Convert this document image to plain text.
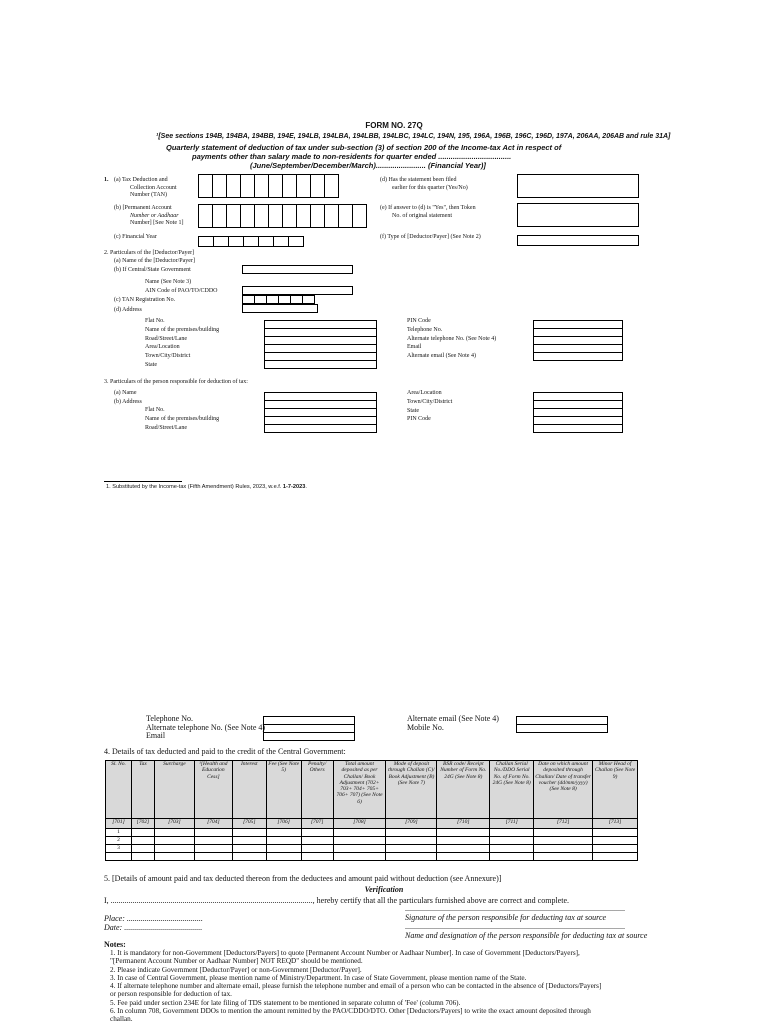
FORM NO. 27Q
¹[See sections 194B, 194BA, 194BB, 194E, 194LB, 194LBA, 194LBB, 194LBC, 194LC, 194N, 195, 196A, 196B, 196C, 196D, 197A, 206AA, 206AB and rule 31A]
Quarterly statement of deduction of tax under sub-section (3) of section 200 of the Income-tax Act in respect of
payments other than salary made to non-residents for quarter ended ...................................
(June/September/December/March)........................ (Financial Year)]
1. (a) Tax Deduction and
Collection Account
Number (TAN)
(b) [Permanent Account
Number or Aadhaar
Number] [See Note 1]
(c) Financial Year
(d) Has the statement been filed
earlier for this quarter (Yes/No)
(e) If answer to (d) is "Yes", then Token
No. of original statement
(f) Type of [Deductor/Payer] (See Note 2)
2. Particulars of the [Deductor/Payer]
(a) Name of the [Deductor/Payer]
(b) If Central/State Government
Name (See Note 3)
AIN Code of PAO/TO/CDDO
(c) TAN Registration No.
(d) Address
Flat No.
Name of the premises/building
Road/Street/Lane
Area/Location
Town/City/District
State
PIN Code
Telephone No.
Alternate telephone No. (See Note 4)
Email
Alternate email (See Note 4)
3. Particulars of the person responsible for deduction of tax:
(a) Name
(b) Address
Flat No.
Name of the premises/building
Road/Street/Lane
Area/Location
Town/City/District
State
PIN Code
1. Substituted by the Income-tax (Fifth Amendment) Rules, 2023, w.e.f. 1-7-2023.
Telephone No.
Alternate telephone No. (See Note 4)
Email
Alternate email (See Note 4)
Mobile No.
4. Details of tax deducted and paid to the credit of the Central Government:
Sl. No.	Tax	Surcharge	¹[Health and Education Cess]	Interest	Fee (See Note 5)	Penalty/ Others	Total amount deposited as per Challan/ Book Adjustment (702+ 703+ 704+ 705+ 706+ 707) (See Note 6)	Mode of deposit through Challan (C)/ Book Adjustment (B) (See Note 7)	BSR code/ Receipt Number of Form No. 24G (See Note 8)	Challan Serial No./DDO Serial No. of Form No. 24G (See Note 8)	Date on which amount deposited through Challan/ Date of transfer voucher (dd/mm/yyyy) (See Note 8)	Minor Head of Challan (See Note 9)
[701]	[702]	[703]	[704]	[705]	[706]	[707]	[708]	[709]	[710]	[711]	[712]	[713]
1												
2												
3												

5. [Details of amount paid and tax deducted thereon from the deductees and amount paid without deduction (see Annexure)]
Verification
I, ....................................................................................................., hereby certify that all the particulars furnished above are correct and complete.
Place: ......................................
Date: .......................................
..............................................................................................................
Signature of the person responsible for deducting tax at source
..............................................................................................................
Name and designation of the person responsible for deducting tax at source
Notes:
1. It is mandatory for non-Government [Deductors/Payers] to quote [Permanent Account Number or Aadhaar Number]. In case of Government [Deductors/Payers],
"[Permanent Account Number or Aadhaar Number] NOT REQD" should be mentioned.
2. Please indicate Government [Deductor/Payer] or non-Government [Deductor/Payer].
3. In case of Central Government, please mention name of Ministry/Department. In case of State Government, please mention name of the State.
4. If alternate telephone number and alternate email, please furnish the telephone number and email of a person who can be contacted in the absence of [Deductors/Payers]
or person responsible for deduction of tax.
5. Fee paid under section 234E for late filing of TDS statement to be mentioned in separate column of 'Fee' (column 706).
6. In column 708, Government DDOs to mention the amount remitted by the PAO/CDDO/DTO. Other [Deductors/Payers] to write the exact amount deposited through
challan.
